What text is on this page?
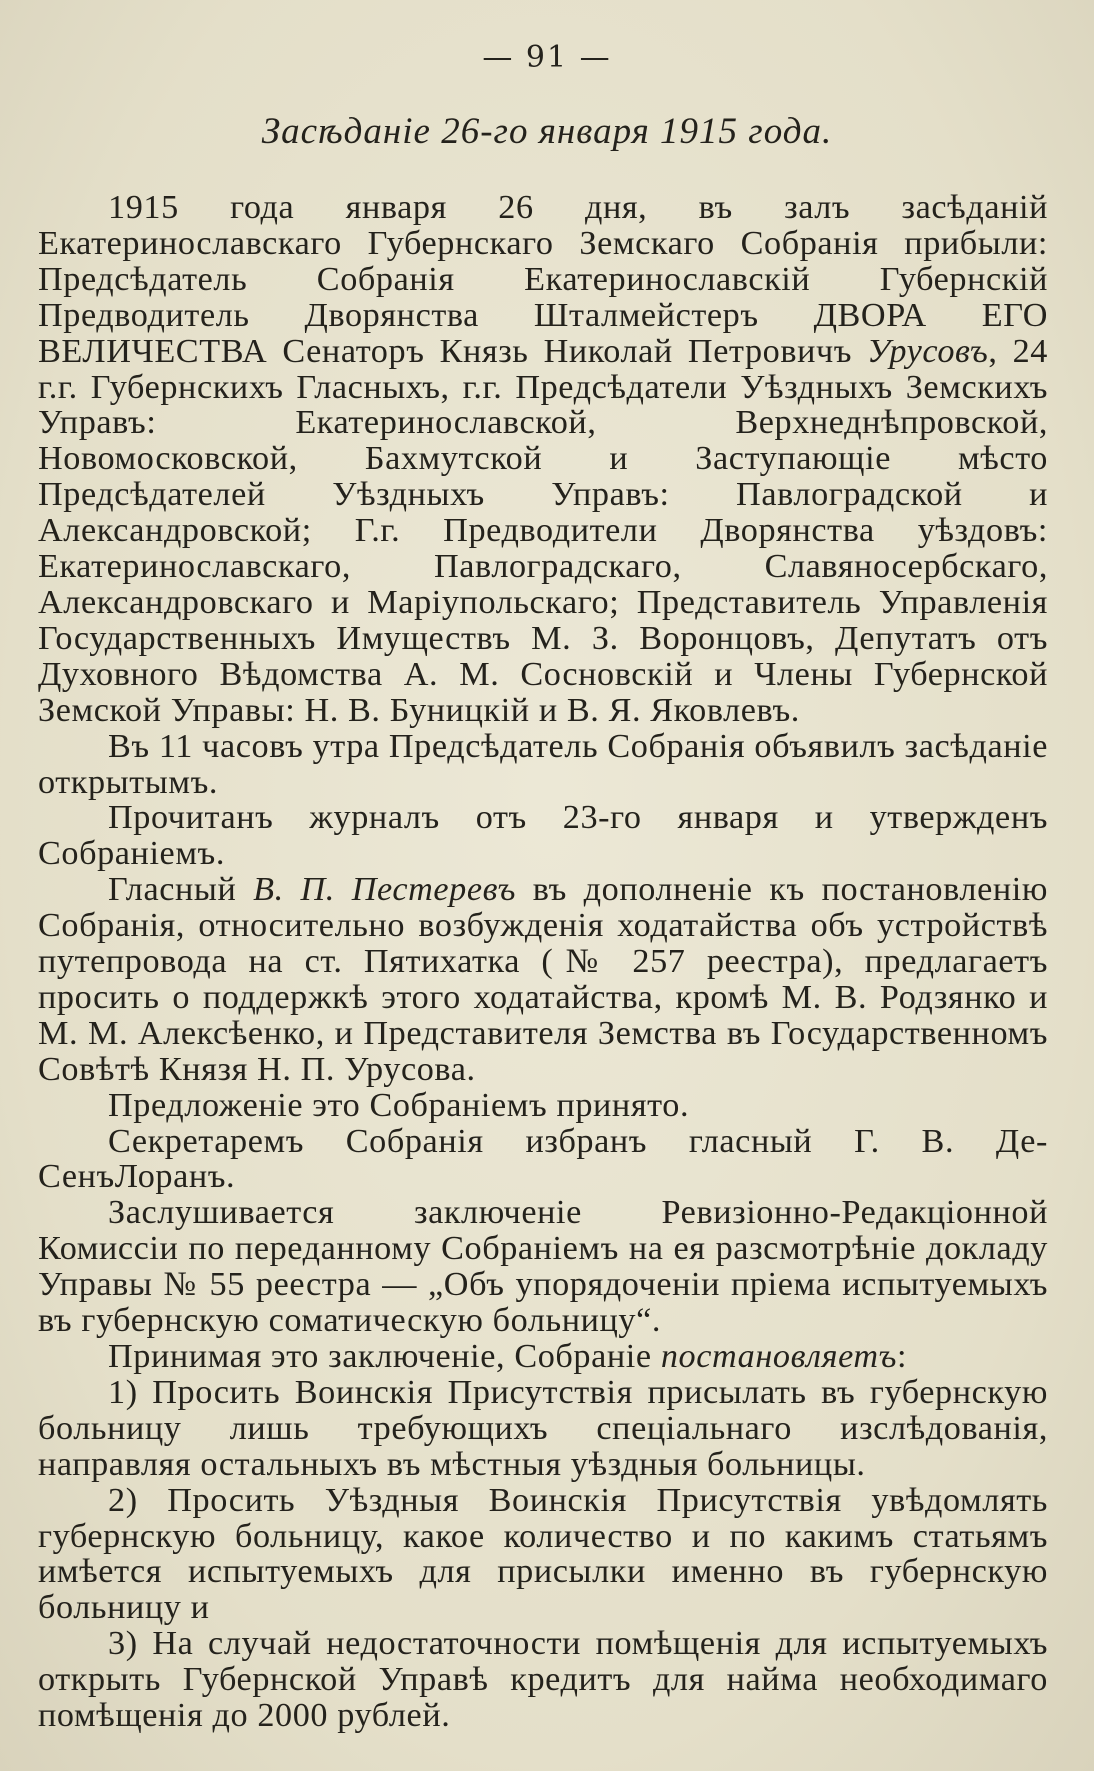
— 91 —
Засѣданіе 26-го января 1915 года.

1915 года января 26 дня, въ залъ засѣданій Екатеринославскаго Губернскаго Земскаго Собранія прибыли: Предсѣдатель Собранія Екатеринославскій Губернскій Предводитель Дворянства Шталмейстеръ ДВОРА ЕГО ВЕЛИЧЕСТВА Сенаторъ Князь Николай Петровичъ Урусовъ, 24 г.г. Губернскихъ Гласныхъ, г.г. Предсѣдатели Уѣздныхъ Земскихъ Управъ: Екатеринославской, Верхнеднѣпровской, Новомосковской, Бахмутской и Заступающіе мѣсто Предсѣдателей Уѣздныхъ Управъ: Павлоградской и Александровской; Г.г. Предводители Дворянства уѣздовъ: Екатеринославскаго, Павлоградскаго, Славяносербскаго, Александровскаго и Маріупольскаго; Представитель Управленія Государственныхъ Имуществъ М. З. Воронцовъ, Депутатъ отъ Духовного Вѣдомства А. М. Сосновскій и Члены Губернской Земской Управы: Н. В. Буницкій и В. Я. Яковлевъ.

Въ 11 часовъ утра Предсѣдатель Собранія объявилъ засѣданіе открытымъ.

Прочитанъ журналъ отъ 23-го января и утвержденъ Собраніемъ.

Гласный В. П. Пестеревъ въ дополненіе къ постановленію Собранія, относительно возбужденія ходатайства объ устройствѣ путепровода на ст. Пятихатка (№ 257 реестра), предлагаетъ просить о поддержкѣ этого ходатайства, кромѣ М. В. Родзянко и М. М. Алексѣенко, и Представителя Земства въ Государственномъ Совѣтѣ Князя Н. П. Урусова.

Предложеніе это Собраніемъ принято.

Секретаремъ Собранія избранъ гласный Г. В. Де-СенъЛоранъ.

Заслушивается заключеніе Ревизіонно-Редакціонной Комиссіи по переданному Собраніемъ на ея разсмотрѣніе докладу Управы № 55 реестра — „Объ упорядоченіи пріема испытуемыхъ въ губернскую соматическую больницу“.

Принимая это заключеніе, Собраніе постановляетъ:

1) Просить Воинскія Присутствія присылать въ губернскую больницу лишь требующихъ спеціальнаго изслѣдованія, направляя остальныхъ въ мѣстныя уѣздныя больницы.

2) Просить Уѣздныя Воинскія Присутствія увѣдомлять губернскую больницу, какое количество и по какимъ статьямъ имѣется испытуемыхъ для присылки именно въ губернскую больницу и

3) На случай недостаточности помѣщенія для испытуемыхъ открыть Губернской Управѣ кредитъ для найма необходимаго помѣщенія до 2000 рублей.
